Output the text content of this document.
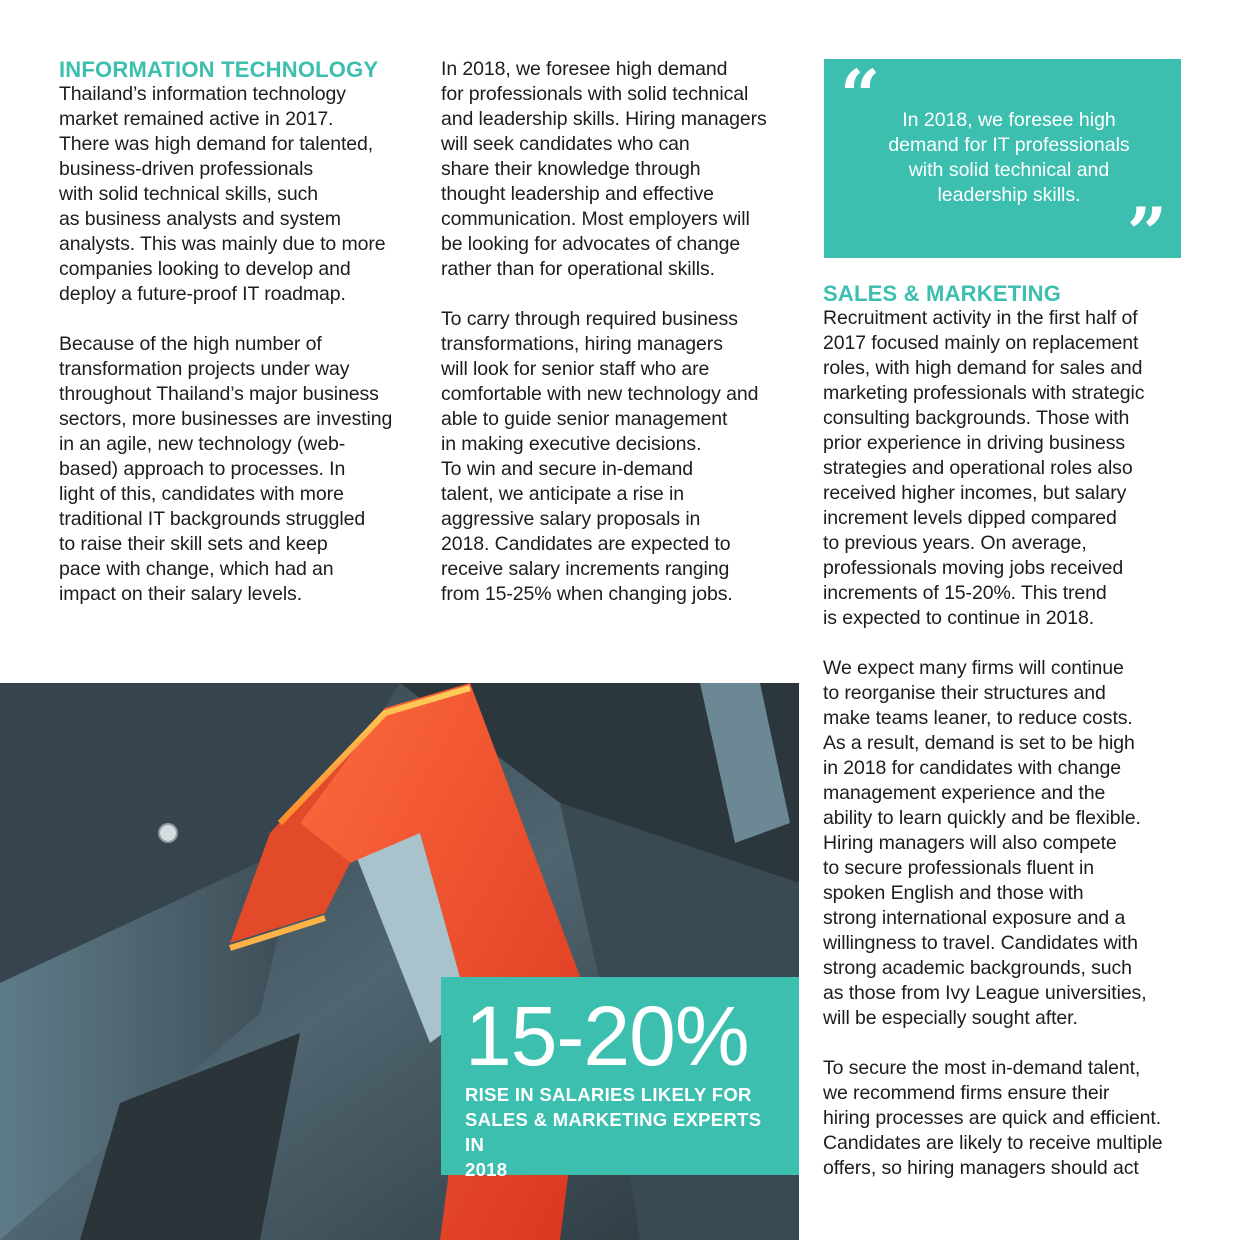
INFORMATION TECHNOLOGY

Thailand’s information technology
market remained active in 2017.
There was high demand for talented,
business-driven professionals
with solid technical skills, such
as business analysts and system
analysts. This was mainly due to more
companies looking to develop and
deploy a future-proof IT roadmap.

Because of the high number of
transformation projects under way
throughout Thailand’s major business
sectors, more businesses are investing
in an agile, new technology (web-
based) approach to processes. In
light of this, candidates with more
traditional IT backgrounds struggled
to raise their skill sets and keep
pace with change, which had an
impact on their salary levels.

In 2018, we foresee high demand
for professionals with solid technical
and leadership skills. Hiring managers
will seek candidates who can
share their knowledge through
thought leadership and effective
communication. Most employers will
be looking for advocates of change
rather than for operational skills.

To carry through required business
transformations, hiring managers
will look for senior staff who are
comfortable with new technology and
able to guide senior management
in making executive decisions.
To win and secure in-demand
talent, we anticipate a rise in
aggressive salary proposals in
2018. Candidates are expected to
receive salary increments ranging
from 15-25% when changing jobs.

“	In 2018, we foresee high
demand for IT professionals
with solid technical and
leadership skills. ”
SALES & MARKETING

Recruitment activity in the first half of
2017 focused mainly on replacement
roles, with high demand for sales and
marketing professionals with strategic
consulting backgrounds. Those with
prior experience in driving business
strategies and operational roles also
received higher incomes, but salary
increment levels dipped compared
to previous years. On average,
professionals moving jobs received
increments of 15-20%. This trend
is expected to continue in 2018.

We expect many firms will continue
to reorganise their structures and
make teams leaner, to reduce costs.
As a result, demand is set to be high
in 2018 for candidates with change
management experience and the
ability to learn quickly and be flexible.
Hiring managers will also compete
to secure professionals fluent in
spoken English and those with
strong international exposure and a
willingness to travel. Candidates with
strong academic backgrounds, such
as those from Ivy League universities,
will be especially sought after.

To secure the most in-demand talent,
we recommend firms ensure their
hiring processes are quick and efficient.
Candidates are likely to receive multiple
offers, so hiring managers should act

15-20%
RISE IN SALARIES LIKELY FOR
SALES & MARKETING EXPERTS IN
2018
